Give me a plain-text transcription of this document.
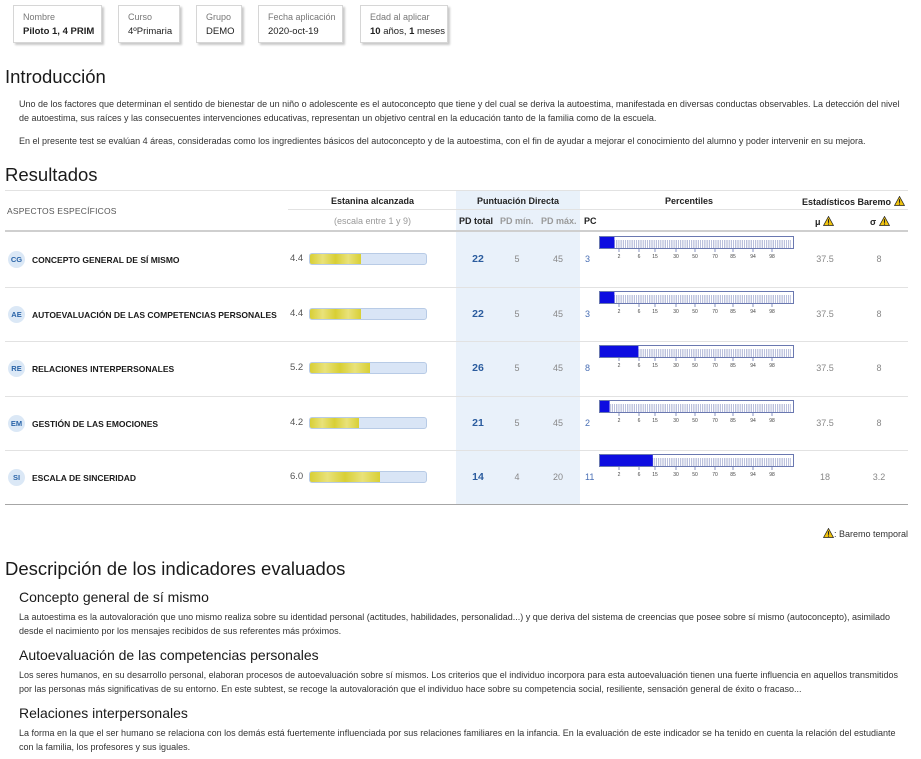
Nombre
Piloto 1, 4 PRIM
Curso
4ºPrimaria
Grupo
DEMO
Fecha aplicación
2020-oct-19
Edad al aplicar
10 años, 1 meses
Introducción

Uno de los factores que determinan el sentido de bienestar de un niño o adolescente es el autoconcepto que tiene y del cual se deriva la autoestima, manifestada en diversas conductas observables. La detección del nivel de autoestima, sus raíces y las consecuentes intervenciones educativas, representan un objetivo central en la educación tanto de la familia como de la escuela.

En el presente test se evalúan 4 áreas, consideradas como los ingredientes básicos del autoconcepto y de la autoestima, con el fin de ayudar a mejorar el conocimiento del alumno y poder intervenir en su mejora.

Resultados
ASPECTOS ESPECÍFICOS
Estanina alcanzada
(escala entre 1 y 9)
Puntuación Directa
PD total PD mín. PD máx.
Percentiles
PC
Estadísticos Baremo
μ	σ
CG	CONCEPTO GENERAL DE SÍ MISMO	4.4	22	5	45	3	2	6 15	30	50	70 85	94	98	37.5	8
AE	AUTOEVALUACIÓN DE LAS COMPETENCIAS PERSONALES 4.4	22	5	45	3	2	6 15	30	50	70 85	94	98	37.5	8
RE	RELACIONES INTERPERSONALES	5.2	26	5	45	8	2	6 15	30	50	70 85	94	98	37.5	8
EM	GESTIÓN DE LAS EMOCIONES	4.2	21	5	45	2	2	6 15	30	50	70 85	94	98	37.5	8
SI	ESCALA DE SINCERIDAD	6.0	14	4	20	11	2	6 15	30	50	70 85	94	98	18	3.2
: Baremo temporal
Descripción de los indicadores evaluados
Concepto general de sí mismo

La autoestima es la autovaloración que uno mismo realiza sobre su identidad personal (actitudes, habilidades, personalidad...) y que deriva del sistema de creencias que posee sobre sí mismo (autoconcepto), asimilado desde el nacimiento por los mensajes recibidos de sus referentes más próximos.

Autoevaluación de las competencias personales

Los seres humanos, en su desarrollo personal, elaboran procesos de autoevaluación sobre sí mismos. Los criterios que el individuo incorpora para esta autoevaluación tienen una fuerte influencia en aquellos transmitidos por las personas más significativas de su entorno. En este subtest, se recoge la autovaloración que el individuo hace sobre su competencia social, resiliente, sensación general de éxito o fracaso...

Relaciones interpersonales

La forma en la que el ser humano se relaciona con los demás está fuertemente influenciada por sus relaciones familiares en la infancia. En la evaluación de este indicador se ha tenido en cuenta la relación del estudiante con la familia, los profesores y sus iguales.
